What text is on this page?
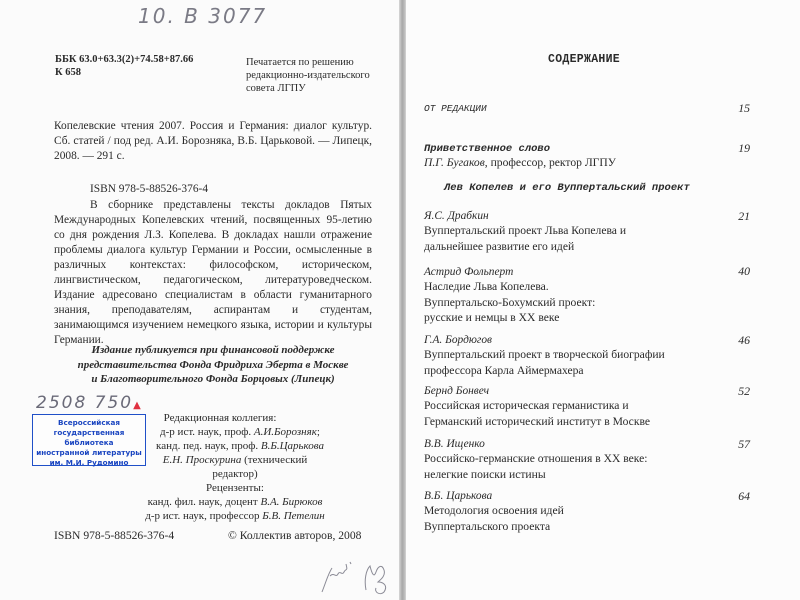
10. B 3077
ББК 63.0+63.3(2)+74.58+87.66
К 658
Печатается по решению
редакционно-издательского
совета ЛГПУ
Копелевские чтения 2007. Россия и Германия: диалог культур. Сб. статей / под ред. А.И. Борозняка, В.Б. Царьковой. — Липецк, 2008. — 291 с.
ISBN 978-5-88526-376-4
В сборнике представлены тексты докладов Пятых Международных Копелевских чтений, посвященных 95-летию со дня рождения Л.З. Копелева. В докладах нашли отражение проблемы диалога культур Германии и России, осмысленные в различных контекстах: философском, историческом, лингвистическом, педагогическом, литературоведческом. Издание адресовано специалистам в области гуманитарного знания, преподавателям, аспирантам и студентам, занимающимся изучением немецкого языка, истории и культуры Германии.
Издание публикуется при финансовой поддержке
представительства Фонда Фридриха Эберта в Москве
и Благотворительного Фонда Борцовых (Липецк)
2508 750▲
Редакционная коллегия:
д-р ист. наук, проф. А.И.Борозняк;
канд. пед. наук, проф. В.Б.Царькова
Е.Н. Проскурина (технический редактор)
Рецензенты:
канд. фил. наук, доцент В.А. Бирюков
д-р ист. наук, профессор Б.В. Петелин
Всероссийская
государственная библиотека
иностранной литературы
им. М.И. Рудомино
ISBN 978-5-88526-376-4	© Коллектив авторов, 2008
СОДЕРЖАНИЕ
ОТ РЕДАКЦИИ	15
Приветственное слово	19
П.Г. Бугаков, профессор, ректор ЛГПУ
Лев Копелев и его Вуппертальский проект
Я.С. Драбкин	21
Вуппертальский проект Льва Копелева и
дальнейшее развитие его идей
Астрид Фольперт	40
Наследие Льва Копелева.
Вуппертальско-Бохумский проект:
русские и немцы в XX веке
Г.А. Бордюгов	46
Вуппертальский проект в творческой биографии
профессора Карла Аймермахера
Бернд Бонвеч	52
Российская историческая германистика и
Германский исторический институт в Москве
В.В. Ищенко	57
Российско-германские отношения в XX веке:
нелегкие поиски истины
В.Б. Царькова	64
Методология освоения идей
Вуппертальского проекта
